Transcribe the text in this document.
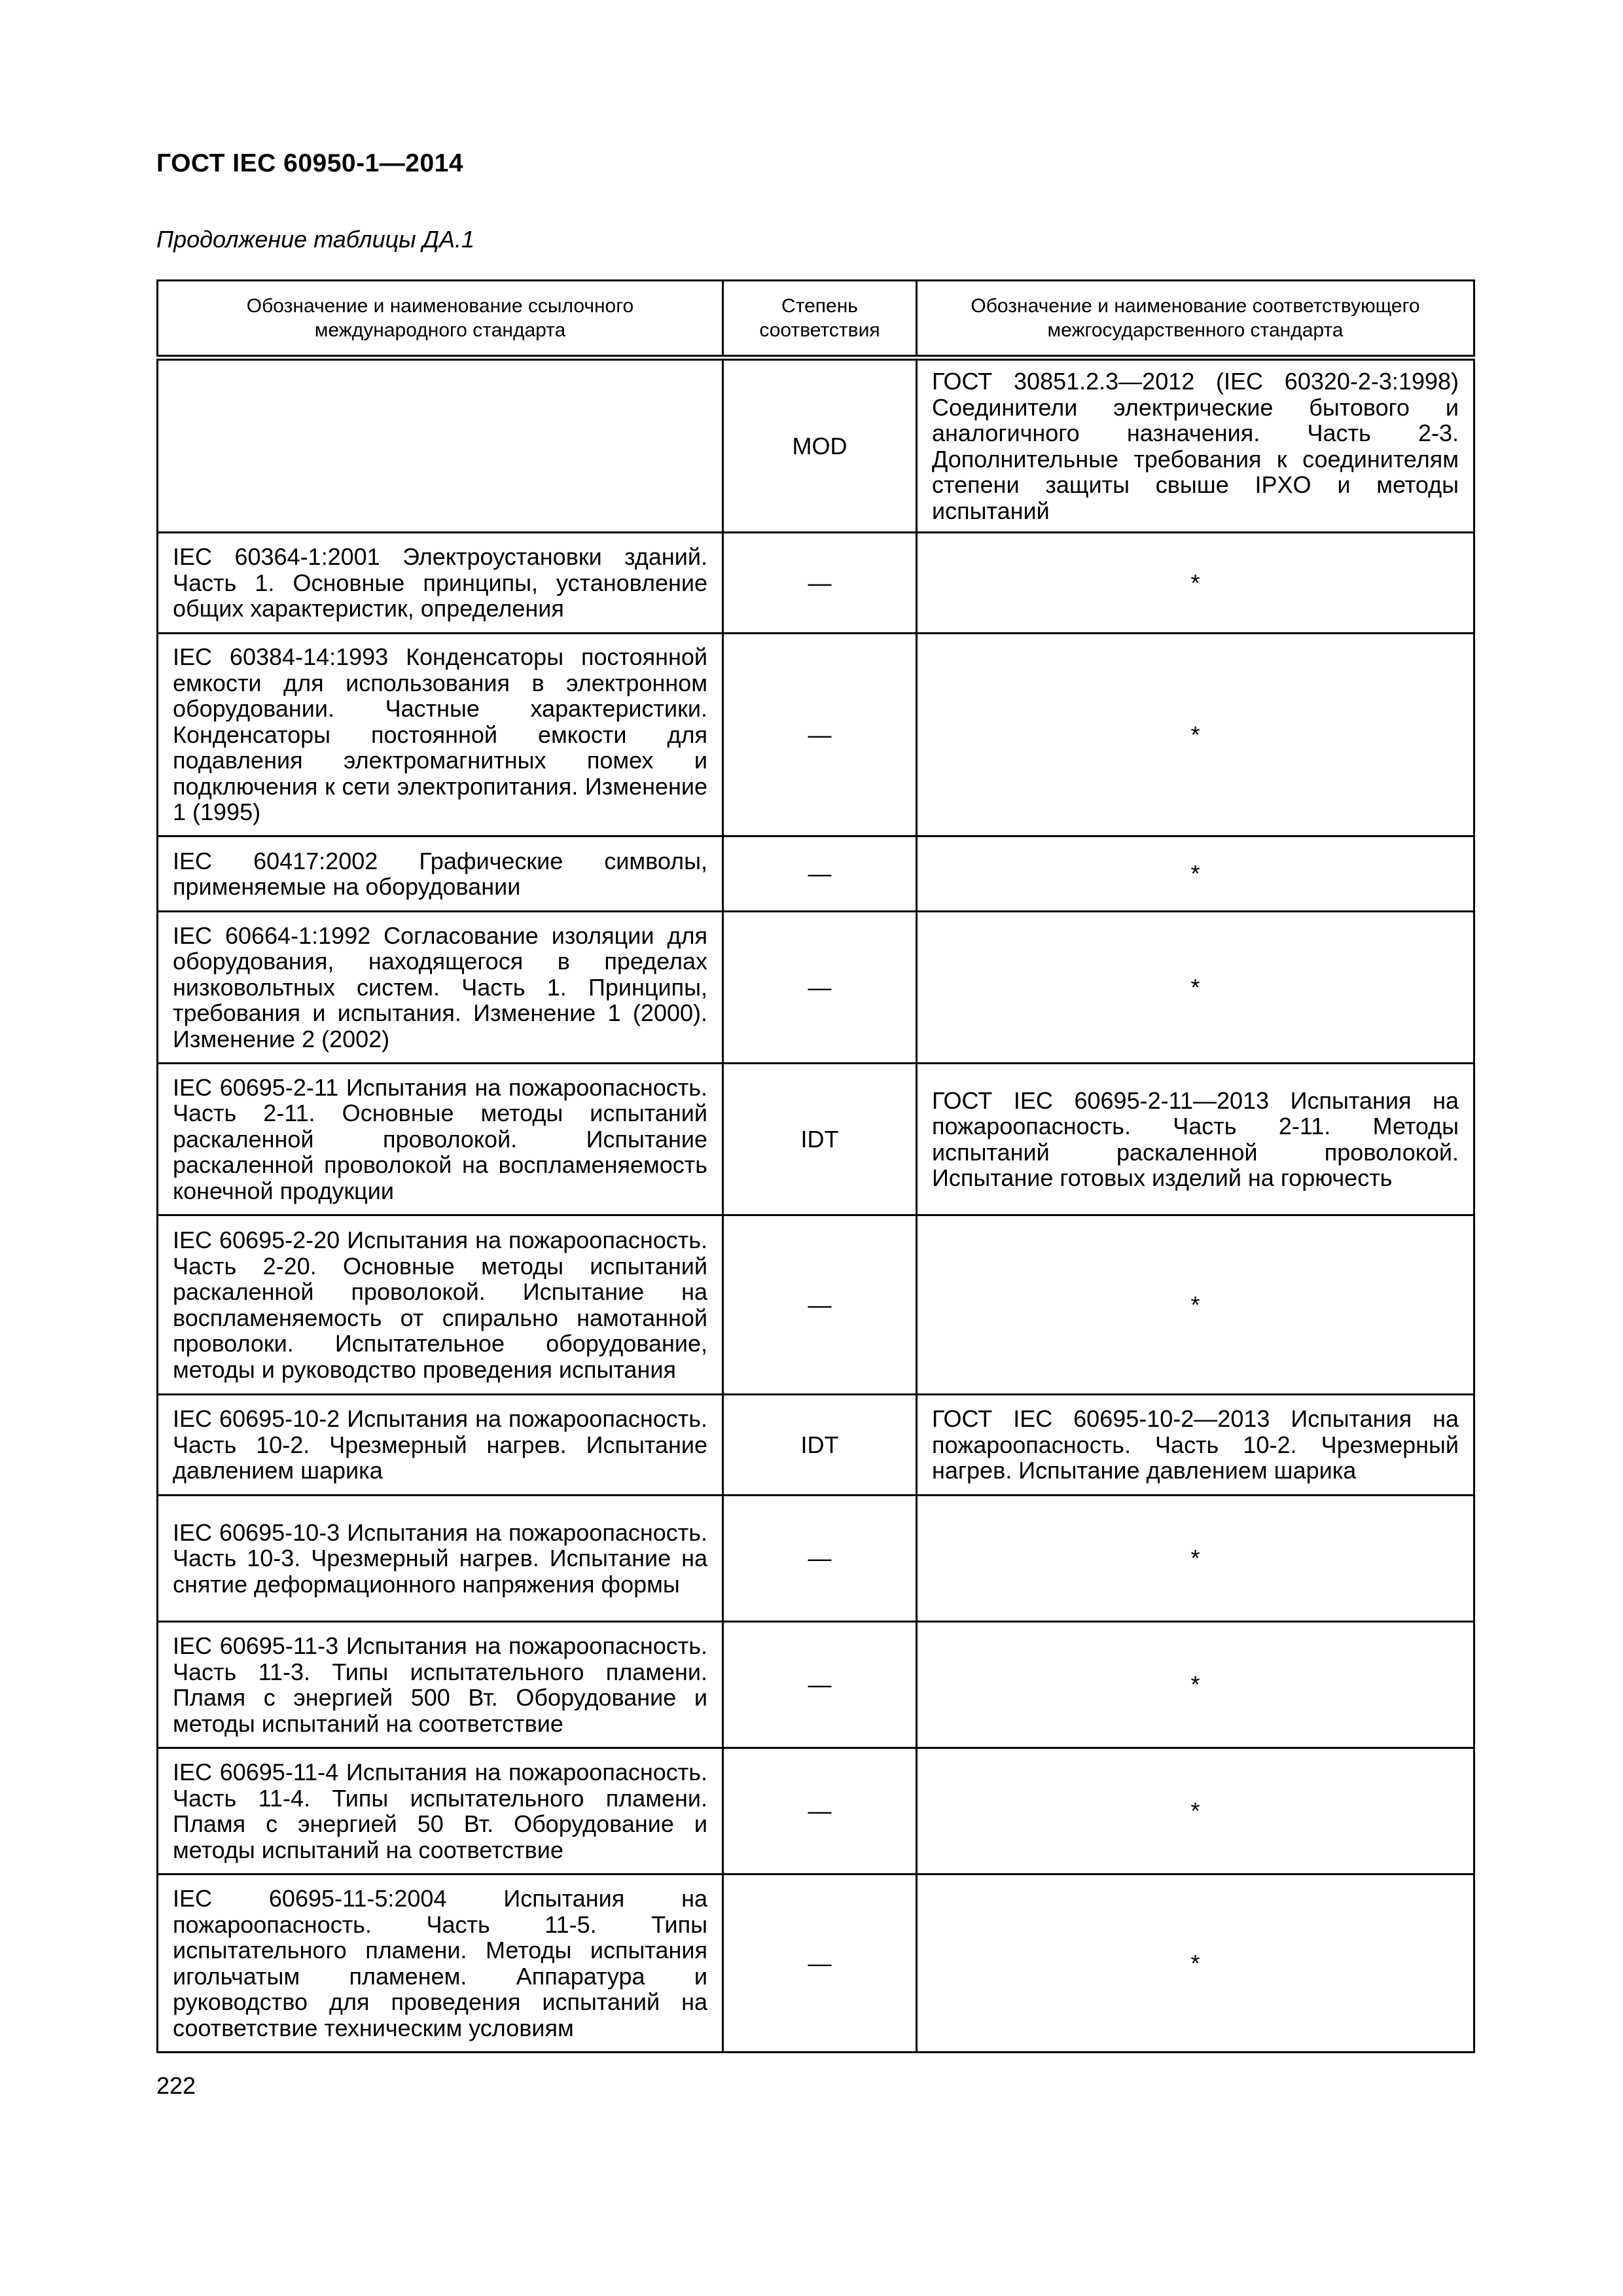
ГОСТ IEC 60950-1—2014
Продолжение таблицы ДА.1
Обозначение и наименование ссылочного международного стандарта	Степень соответствия	Обозначение и наименование соответствующего межгосударственного стандарта
	MOD	ГОСТ 30851.2.3—2012 (IEC 60320-2-3:1998) Соединители электрические бытового и аналогичного назначения. Часть 2-3. Дополнительные требования к соединителям степени защиты свыше IPXO и методы испытаний
IEC 60364-1:2001 Электроустановки зданий. Часть 1. Основные принципы, установление общих характеристик, определения	—	*
IEC 60384-14:1993 Конденсаторы постоянной емкости для использования в электронном оборудовании. Частные характеристики. Конденсаторы постоянной емкости для подавления электромагнитных помех и подключения к сети электропитания. Изменение 1 (1995)	—	*
IEC 60417:2002 Графические символы, применяемые на оборудовании	—	*
IEC 60664-1:1992 Согласование изоляции для оборудования, находящегося в пределах низковольтных систем. Часть 1. Принципы, требования и испытания. Изменение 1 (2000). Изменение 2 (2002)	—	*
IEC 60695-2-11 Испытания на пожароопасность. Часть 2-11. Основные методы испытаний раскаленной проволокой. Испытание раскаленной проволокой на воспламеняемость конечной продукции	IDT	ГОСТ IEC 60695-2-11—2013 Испытания на пожароопасность. Часть 2-11. Методы испытаний раскаленной проволокой. Испытание готовых изделий на горючесть
IEC 60695-2-20 Испытания на пожароопасность. Часть 2-20. Основные методы испытаний раскаленной проволокой. Испытание на воспламеняемость от спирально намотанной проволоки. Испытательное оборудование, методы и руководство проведения испытания	—	*
IEC 60695-10-2 Испытания на пожароопасность. Часть 10-2. Чрезмерный нагрев. Испытание давлением шарика	IDT	ГОСТ IEC 60695-10-2—2013 Испытания на пожароопасность. Часть 10-2. Чрезмерный нагрев. Испытание давлением шарика
IEC 60695-10-3 Испытания на пожароопасность. Часть 10-3. Чрезмерный нагрев. Испытание на снятие деформационного напряжения формы	—	*
IEC 60695-11-3 Испытания на пожароопасность. Часть 11-3. Типы испытательного пламени. Пламя с энергией 500 Вт. Оборудование и методы испытаний на соответствие	—	*
IEC 60695-11-4 Испытания на пожароопасность. Часть 11-4. Типы испытательного пламени. Пламя с энергией 50 Вт. Оборудование и методы испытаний на соответствие	—	*
IEC 60695-11-5:2004 Испытания на пожароопасность. Часть 11-5. Типы испытательного пламени. Методы испытания игольчатым пламенем. Аппаратура и руководство для проведения испытаний на соответствие техническим условиям	—	*
222
